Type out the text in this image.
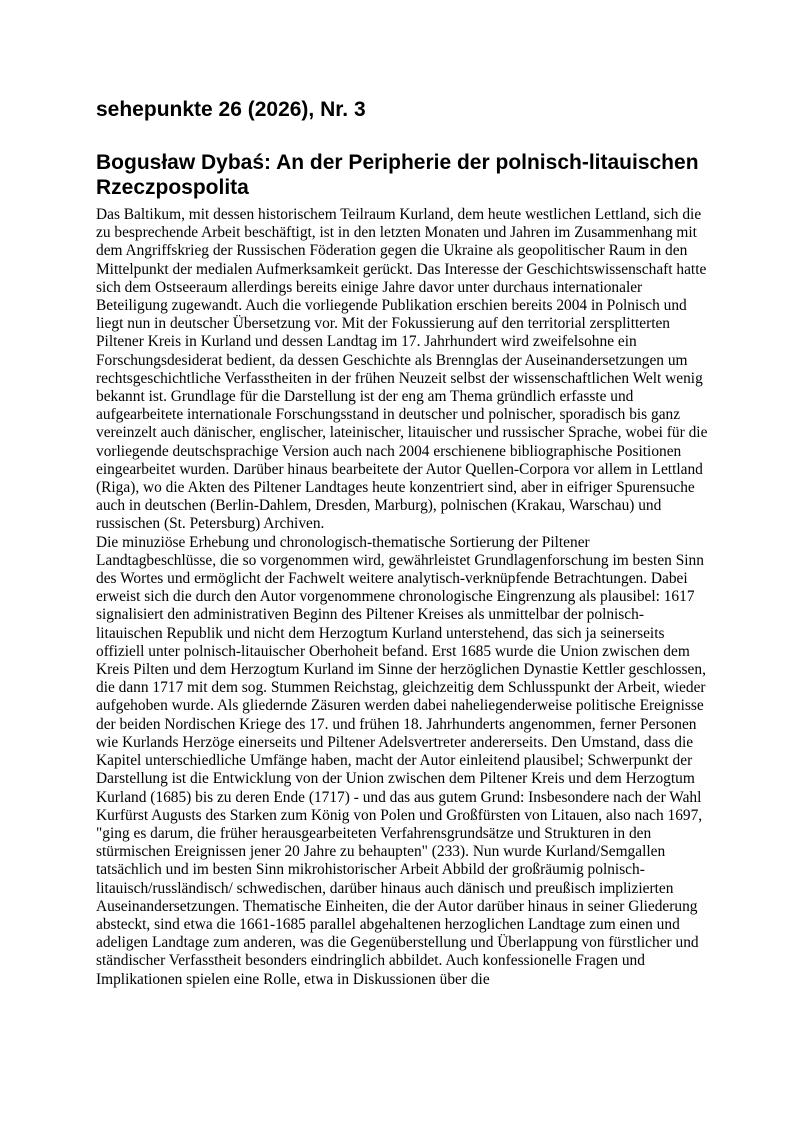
sehepunkte 26 (2026), Nr. 3
Bogusław Dybaś: An der Peripherie der polnisch-litauischen Rzeczpospolita

Das Baltikum, mit dessen historischem Teilraum Kurland, dem heute westlichen Lettland, sich die zu besprechende Arbeit beschäftigt, ist in den letzten Monaten und Jahren im Zusammenhang mit dem Angriffskrieg der Russischen Föderation gegen die Ukraine als geopolitischer Raum in den Mittelpunkt der medialen Aufmerksamkeit gerückt. Das Interesse der Geschichtswissenschaft hatte sich dem Ostseeraum allerdings bereits einige Jahre davor unter durchaus internationaler Beteiligung zugewandt. Auch die vorliegende Publikation erschien bereits 2004 in Polnisch und liegt nun in deutscher Übersetzung vor. Mit der Fokussierung auf den territorial zersplitterten Piltener Kreis in Kurland und dessen Landtag im 17. Jahrhundert wird zweifelsohne ein Forschungsdesiderat bedient, da dessen Geschichte als Brennglas der Auseinandersetzungen um rechtsgeschichtliche Verfasstheiten in der frühen Neuzeit selbst der wissenschaftlichen Welt wenig bekannt ist. Grundlage für die Darstellung ist der eng am Thema gründlich erfasste und aufgearbeitete internationale Forschungsstand in deutscher und polnischer, sporadisch bis ganz vereinzelt auch dänischer, englischer, lateinischer, litauischer und russischer Sprache, wobei für die vorliegende deutschsprachige Version auch nach 2004 erschienene bibliographische Positionen eingearbeitet wurden. Darüber hinaus bearbeitete der Autor Quellen-Corpora vor allem in Lettland (Riga), wo die Akten des Piltener Landtages heute konzentriert sind, aber in eifriger Spurensuche auch in deutschen (Berlin-Dahlem, Dresden, Marburg), polnischen (Krakau, Warschau) und russischen (St. Petersburg) Archiven.

Die minuziöse Erhebung und chronologisch-thematische Sortierung der Piltener Landtagbeschlüsse, die so vorgenommen wird, gewährleistet Grundlagenforschung im besten Sinn des Wortes und ermöglicht der Fachwelt weitere analytisch-verknüpfende Betrachtungen. Dabei erweist sich die durch den Autor vorgenommene chronologische Eingrenzung als plausibel: 1617 signalisiert den administrativen Beginn des Piltener Kreises als unmittelbar der polnisch-litauischen Republik und nicht dem Herzogtum Kurland unterstehend, das sich ja seinerseits offiziell unter polnisch-litauischer Oberhoheit befand. Erst 1685 wurde die Union zwischen dem Kreis Pilten und dem Herzogtum Kurland im Sinne der herzöglichen Dynastie Kettler geschlossen, die dann 1717 mit dem sog. Stummen Reichstag, gleichzeitig dem Schlusspunkt der Arbeit, wieder aufgehoben wurde. Als gliedernde Zäsuren werden dabei naheliegenderweise politische Ereignisse der beiden Nordischen Kriege des 17. und frühen 18. Jahrhunderts angenommen, ferner Personen wie Kurlands Herzöge einerseits und Piltener Adelsvertreter andererseits. Den Umstand, dass die Kapitel unterschiedliche Umfänge haben, macht der Autor einleitend plausibel; Schwerpunkt der Darstellung ist die Entwicklung von der Union zwischen dem Piltener Kreis und dem Herzogtum Kurland (1685) bis zu deren Ende (1717) - und das aus gutem Grund: Insbesondere nach der Wahl Kurfürst Augusts des Starken zum König von Polen und Großfürsten von Litauen, also nach 1697, "ging es darum, die früher herausgearbeiteten Verfahrensgrundsätze und Strukturen in den stürmischen Ereignissen jener 20 Jahre zu behaupten" (233). Nun wurde Kurland/Semgallen tatsächlich und im besten Sinn mikrohistorischer Arbeit Abbild der großräumig polnisch-litauisch/russländisch/ schwedischen, darüber hinaus auch dänisch und preußisch implizierten Auseinandersetzungen. Thematische Einheiten, die der Autor darüber hinaus in seiner Gliederung absteckt, sind etwa die 1661-1685 parallel abgehaltenen herzoglichen Landtage zum einen und adeligen Landtage zum anderen, was die Gegenüberstellung und Überlappung von fürstlicher und ständischer Verfasstheit besonders eindringlich abbildet. Auch konfessionelle Fragen und Implikationen spielen eine Rolle, etwa in Diskussionen über die
